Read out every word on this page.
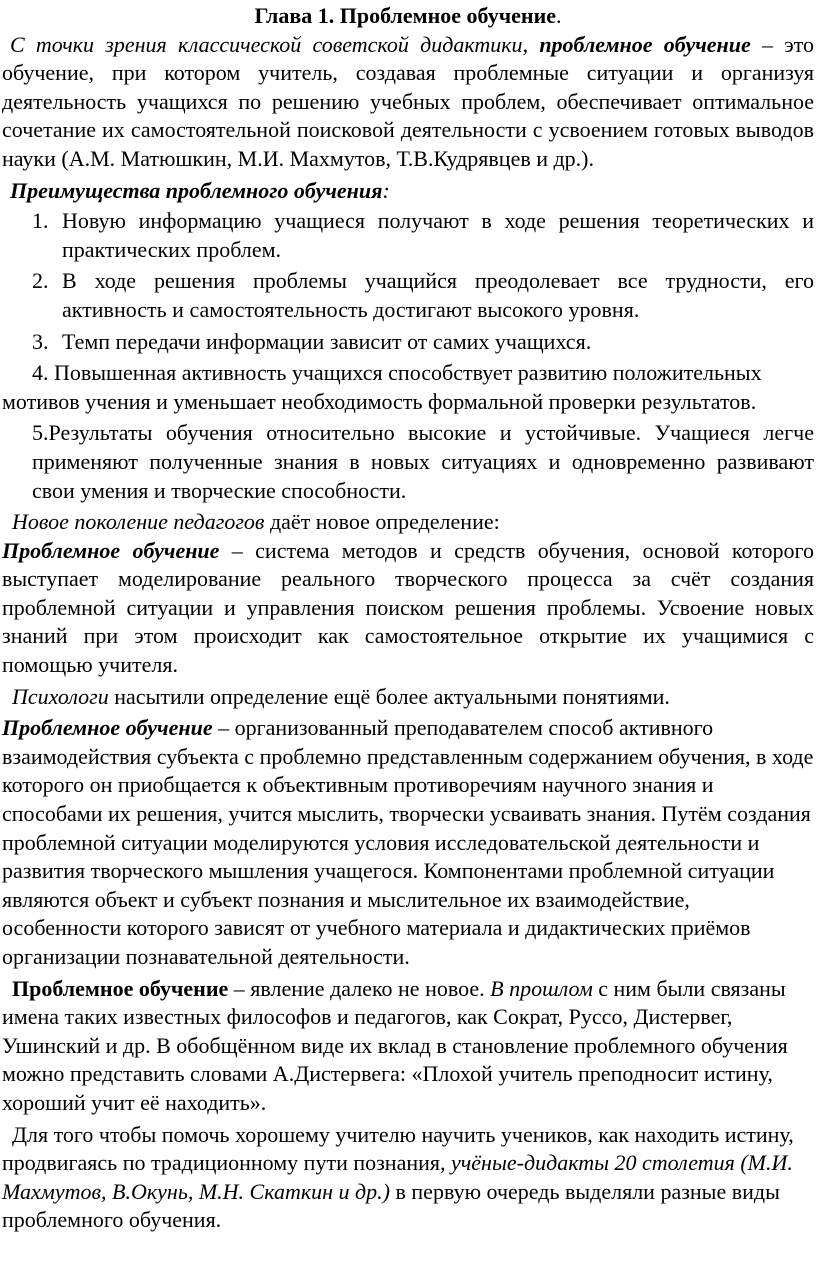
Глава 1. Проблемное обучение.

С точки зрения классической советской дидактики, проблемное обучение – это обучение, при котором учитель, создавая проблемные ситуации и организуя деятельность учащихся по решению учебных проблем, обеспечивает оптимальное сочетание их самостоятельной поисковой деятельности с усвоением готовых выводов науки (А.М. Матюшкин, М.И. Махмутов, Т.В.Кудрявцев и др.).

Преимущества проблемного обучения:

1. Новую информацию учащиеся получают в ходе решения теоретических и практических проблем.
2. В ходе решения проблемы учащийся преодолевает все трудности, его активность и самостоятельность достигают высокого уровня.
3. Темп передачи информации зависит от самих учащихся.

4. Повышенная активность учащихся способствует развитию положительных мотивов учения и уменьшает необходимость формальной проверки результатов.

5.Результаты обучения относительно высокие и устойчивые. Учащиеся легче применяют полученные знания в новых ситуациях и одновременно развивают свои умения и творческие способности.

Новое поколение педагогов даёт новое определение:

Проблемное обучение – система методов и средств обучения, основой которого выступает моделирование реального творческого процесса за счёт создания проблемной ситуации и управления поиском решения проблемы. Усвоение новых знаний при этом происходит как самостоятельное открытие их учащимися с помощью учителя.

Психологи насытили определение ещё более актуальными понятиями.

Проблемное обучение – организованный преподавателем способ активного взаимодействия субъекта с проблемно представленным содержанием обучения, в ходе которого он приобщается к объективным противоречиям научного знания и способами их решения, учится мыслить, творчески усваивать знания. Путём создания проблемной ситуации моделируются условия исследовательской деятельности и развития творческого мышления учащегося. Компонентами проблемной ситуации являются объект и субъект познания и мыслительное их взаимодействие, особенности которого зависят от учебного материала и дидактических приёмов организации познавательной деятельности.

Проблемное обучение – явление далеко не новое. В прошлом с ним были связаны имена таких известных философов и педагогов, как Сократ, Руссо, Дистервег, Ушинский и др. В обобщённом виде их вклад в становление проблемного обучения можно представить словами А.Дистервега: «Плохой учитель преподносит истину, хороший учит её находить».

Для того чтобы помочь хорошему учителю научить учеников, как находить истину, продвигаясь по традиционному пути познания, учёные-дидакты 20 столетия (М.И. Махмутов, В.Окунь, М.Н. Скаткин и др.) в первую очередь выделяли разные виды проблемного обучения.
